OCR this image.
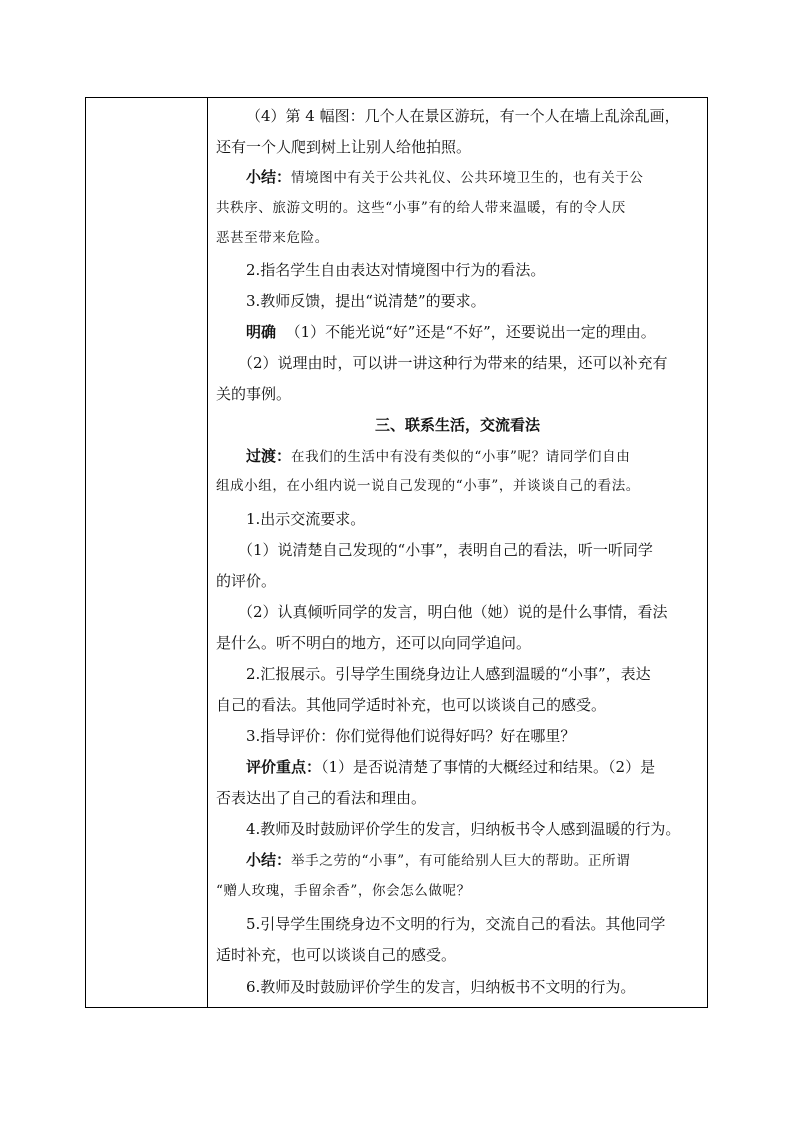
（4）第 4 幅图：几个人在景区游玩，有一个人在墙上乱涂乱画，
还有一个人爬到树上让别人给他拍照。
小结：情境图中有关于公共礼仪、公共环境卫生的，也有关于公
共秩序、旅游文明的。这些“小事”有的给人带来温暖，有的令人厌
恶甚至带来危险。
2.指名学生自由表达对情境图中行为的看法。
3.教师反馈，提出“说清楚”的要求。
明确 （1）不能光说“好”还是“不好”，还要说出一定的理由。
（2）说理由时，可以讲一讲这种行为带来的结果，还可以补充有
关的事例。
三、联系生活，交流看法
过渡：在我们的生活中有没有类似的“小事”呢？请同学们自由
组成小组，在小组内说一说自己发现的“小事”，并谈谈自己的看法。
1.出示交流要求。
（1）说清楚自己发现的“小事”，表明自己的看法，听一听同学
的评价。
（2）认真倾听同学的发言，明白他（她）说的是什么事情，看法
是什么。听不明白的地方，还可以向同学追问。
2.汇报展示。引导学生围绕身边让人感到温暖的“小事”，表达
自己的看法。其他同学适时补充，也可以谈谈自己的感受。
3.指导评价：你们觉得他们说得好吗？好在哪里？
评价重点：（1）是否说清楚了事情的大概经过和结果。（2）是
否表达出了自己的看法和理由。
4.教师及时鼓励评价学生的发言，归纳板书令人感到温暖的行为。
小结：举手之劳的“小事”，有可能给别人巨大的帮助。正所谓
“赠人玫瑰，手留余香”，你会怎么做呢？
5.引导学生围绕身边不文明的行为，交流自己的看法。其他同学
适时补充，也可以谈谈自己的感受。
6.教师及时鼓励评价学生的发言，归纳板书不文明的行为。
